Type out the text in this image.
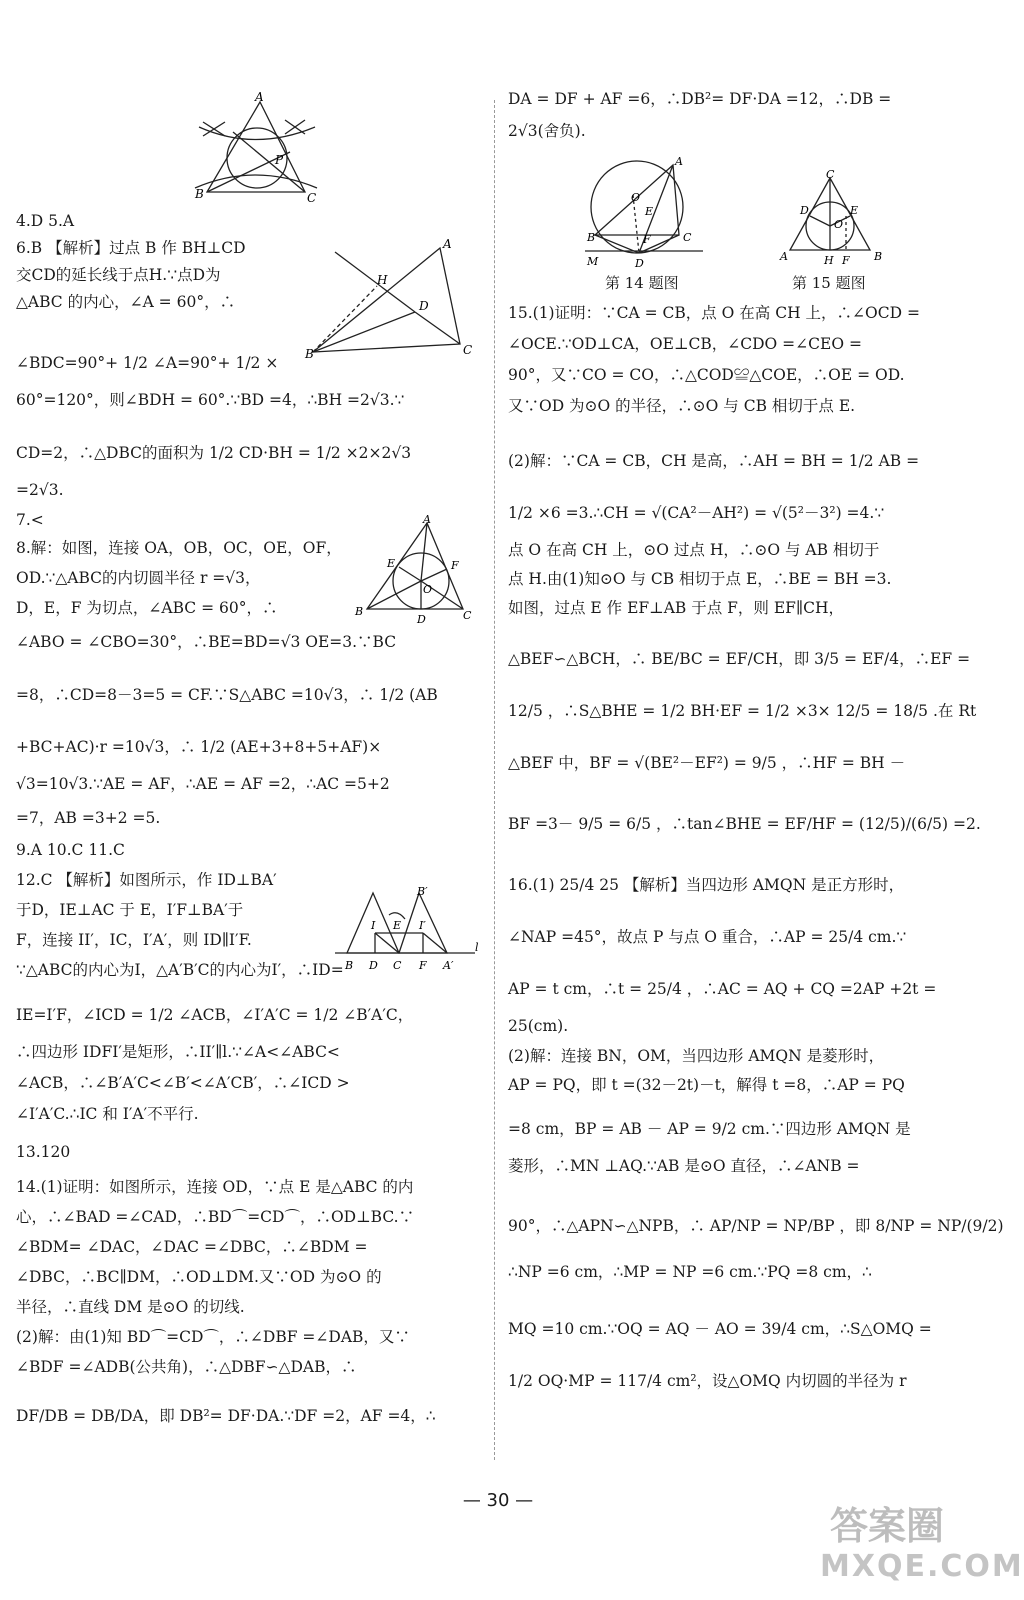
4.D 5.A
6.B 【解析】过点 B 作 BH⊥CD
交CD的延长线于点H.∵点D为
△ABC 的内心，∠A = 60°，∴
∠BDC=90°+ 1/2 ∠A=90°+ 1/2 ×
60°=120°，则∠BDH = 60°.∵BD =4，∴BH =2√3.∵
CD=2，∴△DBC的面积为 1/2 CD·BH = 1/2 ×2×2√3
=2√3.
7.<
8.解：如图，连接 OA，OB，OC，OE，OF，
OD.∵△ABC的内切圆半径 r =√3，
D，E，F 为切点，∠ABC = 60°，∴
∠ABO = ∠CBO=30°，∴BE=BD=√3 OE=3.∵BC
=8，∴CD=8－3=5 = CF.∵S△ABC =10√3，∴ 1/2 (AB
+BC+AC)·r =10√3，∴ 1/2 (AE+3+8+5+AF)×
√3=10√3.∵AE = AF，∴AE = AF =2，∴AC =5+2
=7，AB =3+2 =5.
9.A 10.C 11.C
12.C 【解析】如图所示，作 ID⊥BA′
于D，IE⊥AC 于 E，I′F⊥BA′于
F，连接 II′，IC，I′A′，则 ID∥I′F.
∵△ABC的内心为I，△A′B′C的内心为I′，∴ID=
IE=I′F，∠ICD = 1/2 ∠ACB，∠I′A′C = 1/2 ∠B′A′C，
∴四边形 IDFI′是矩形，∴II′∥l.∵∠A<∠ABC<
∠ACB，∴∠B′A′C<∠B′<∠A′CB′，∴∠ICD >
∠I′A′C.∴IC 和 I′A′不平行.
13.120
14.(1)证明：如图所示，连接 OD，∵点 E 是△ABC 的内
心，∴∠BAD =∠CAD，∴BD⌒=CD⌒，∴OD⊥BC.∵
∠BDM= ∠DAC，∠DAC =∠DBC，∴∠BDM =
∠DBC，∴BC∥DM，∴OD⊥DM.又∵OD 为⊙O 的
半径，∴直线 DM 是⊙O 的切线.
(2)解：由(1)知 BD⌒=CD⌒，∴∠DBF =∠DAB，又∵
∠BDF =∠ADB(公共角)，∴△DBF∽△DAB，∴
DF/DB = DB/DA，即 DB²= DF·DA.∵DF =2，AF =4，∴
DA = DF + AF =6，∴DB²= DF·DA =12，∴DB =
2√3(舍负).
15.(1)证明：∵CA = CB，点 O 在高 CH 上，∴∠OCD =
∠OCE.∵OD⊥CA，OE⊥CB，∠CDO =∠CEO =
90°，又∵CO = CO，∴△COD≌△COE，∴OE = OD.
又∵OD 为⊙O 的半径，∴⊙O 与 CB 相切于点 E.
(2)解：∵CA = CB，CH 是高，∴AH = BH = 1/2 AB =
1/2 ×6 =3.∴CH = √(CA²－AH²) = √(5²－3²) =4.∵
点 O 在高 CH 上，⊙O 过点 H，∴⊙O 与 AB 相切于
点 H.由(1)知⊙O 与 CB 相切于点 E，∴BE = BH =3.
如图，过点 E 作 EF⊥AB 于点 F，则 EF∥CH，
△BEF∽△BCH，∴ BE/BC = EF/CH，即 3/5 = EF/4，∴EF =
12/5 ，∴S△BHE = 1/2 BH·EF = 1/2 ×3× 12/5 = 18/5 .在 Rt
△BEF 中，BF = √(BE²－EF²) = 9/5 ，∴HF = BH －
BF =3－ 9/5 = 6/5 ，∴tan∠BHE = EF/HF = (12/5)/(6/5) =2.
16.(1) 25/4 25 【解析】当四边形 AMQN 是正方形时，
∠NAP =45°，故点 P 与点 O 重合，∴AP = 25/4 cm.∵
AP = t cm，∴t = 25/4 ，∴AC = AQ + CQ =2AP +2t =
25(cm).
(2)解：连接 BN，OM，当四边形 AMQN 是菱形时，
AP = PQ，即 t =(32－2t)－t，解得 t =8，∴AP = PQ
=8 cm，BP = AB － AP = 9/2 cm.∵四边形 AMQN 是
菱形，∴MN ⊥AQ.∵AB 是⊙O 直径，∴∠ANB =
90°，∴△APN∽△NPB，∴ AP/NP = NP/BP ，即 8/NP = NP/(9/2)
∴NP =6 cm，∴MP = NP =6 cm.∵PQ =8 cm，∴
MQ =10 cm.∵OQ = AQ － AO = 39/4 cm，∴S△OMQ =
1/2 OQ·MP = 117/4 cm²，设△OMQ 内切圆的半径为 r
A
B	C
P
A
B	C
D
H
A
B	C
D
E	F
O
B D C F A′
B′
I	I′
E
l
A
B	C
O
E
F
D
M
第 14 题图
C
D	E
O
A	B
H F
第 15 题图
— 30 —
答案圈
MXQE.COM
